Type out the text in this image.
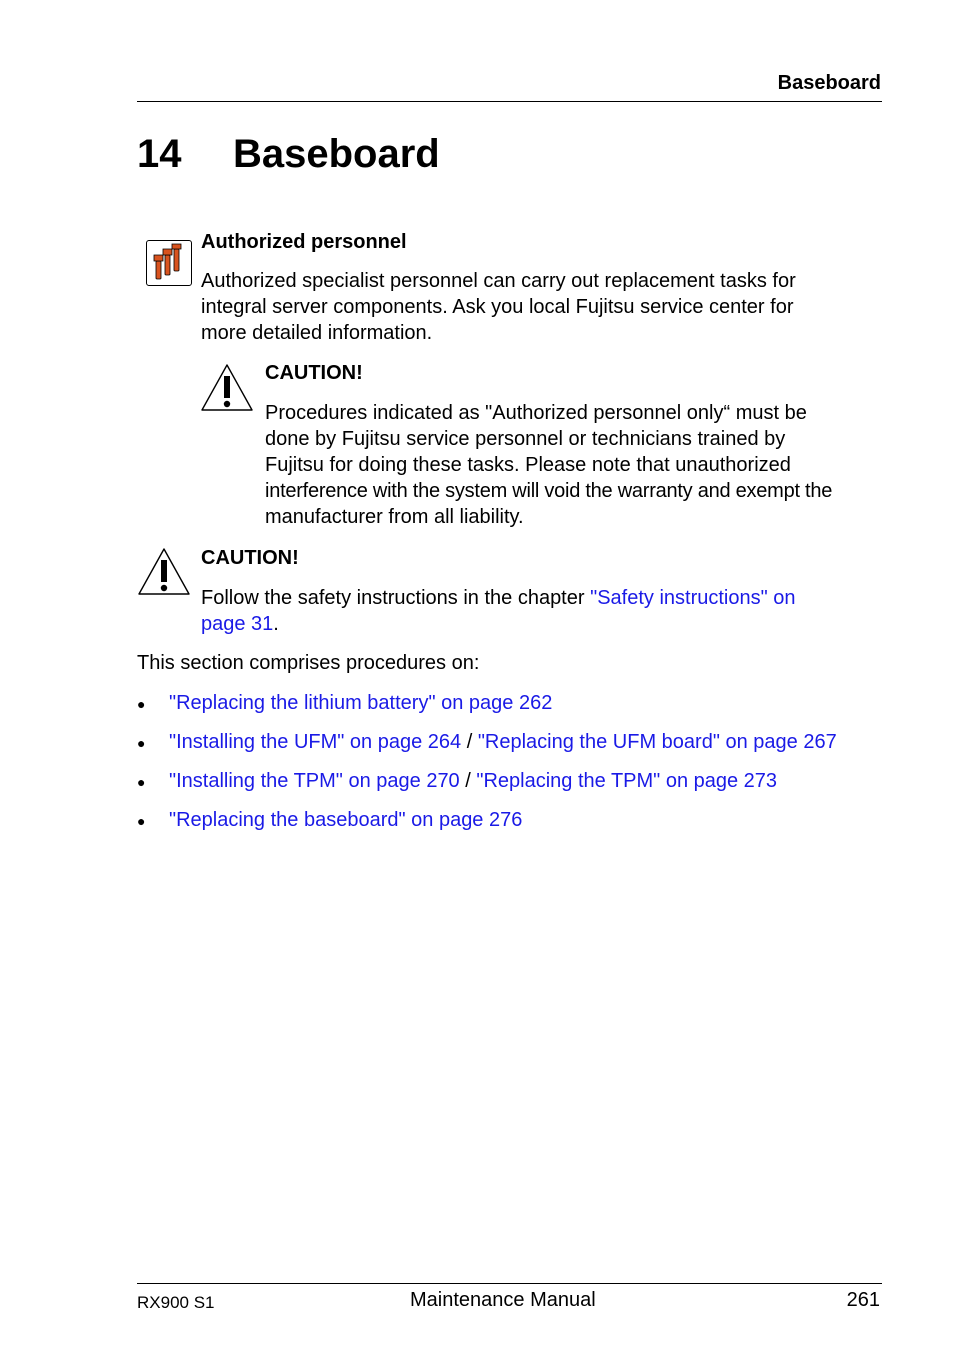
Baseboard
14 Baseboard
Authorized personnel
Authorized specialist personnel can carry out replacement tasks for
integral server components. Ask you local Fujitsu service center for
more detailed information.
CAUTION!
Procedures indicated as "Authorized personnel only“ must be
done by Fujitsu service personnel or technicians trained by
Fujitsu for doing these tasks. Please note that unauthorized
interference with the system will void the warranty and exempt the
manufacturer from all liability.
CAUTION!
Follow the safety instructions in the chapter "Safety instructions" on
page 31.
This section comprises procedures on:
● "Replacing the lithium battery" on page 262
● "Installing the UFM" on page 264 / "Replacing the UFM board" on page 267
● "Installing the TPM" on page 270 / "Replacing the TPM" on page 273
● "Replacing the baseboard" on page 276
RX900 S1	Maintenance Manual	261
